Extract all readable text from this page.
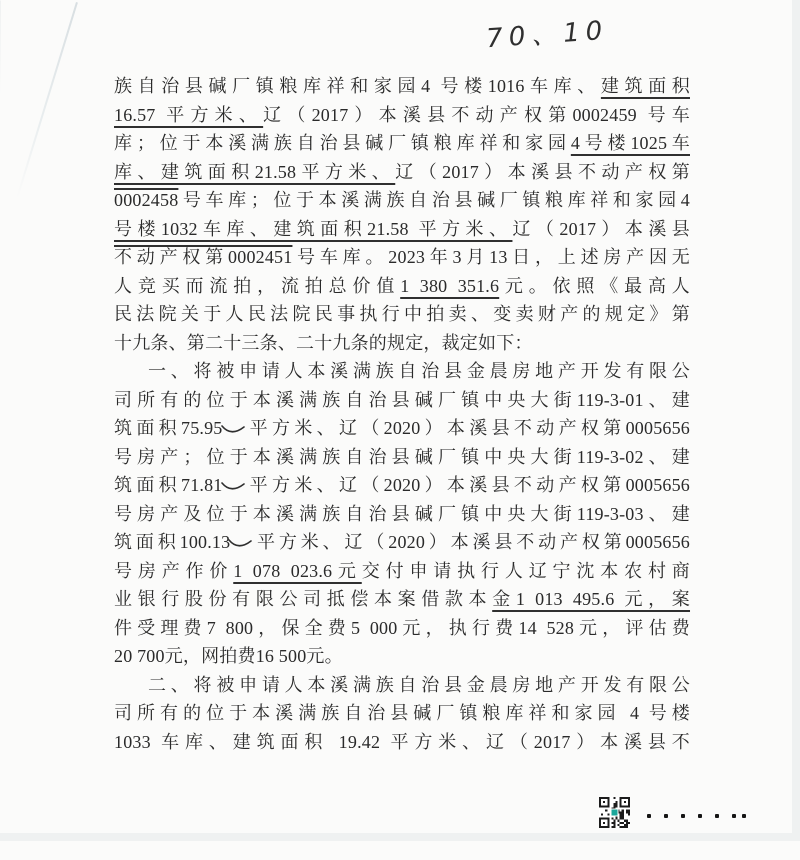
70、10
族自治县碱厂镇粮库祥和家园4 号楼1016车库、建筑面积
16.57 平方米、辽（2017）本溪县不动产权第0002459 号车
库；位于本溪满族自治县碱厂镇粮库祥和家园4号楼1025车
库、建筑面积21.58平方米、辽（2017）本溪县不动产权第
0002458号车库；位于本溪满族自治县碱厂镇粮库祥和家园4
号楼1032车库、建筑面积21.58 平方米、辽（2017）本溪县
不动产权第0002451号车库。2023年3月13日，上述房产因无
人竞买而流拍，流拍总价值1 380 351.6元。依照《最高人
民法院关于人民法院民事执行中拍卖、变卖财产的规定》第
十九条、第二十三条、二十九条的规定，裁定如下：
一、将被申请人本溪满族自治县金晨房地产开发有限公
司所有的位于本溪满族自治县碱厂镇中央大街119-3-01、建
筑面积75.95 平方米、辽（2020）本溪县不动产权第0005656
号房产；位于本溪满族自治县碱厂镇中央大街119-3-02、建
筑面积71.81 平方米、辽（2020）本溪县不动产权第0005656
号房产及位于本溪满族自治县碱厂镇中央大街119-3-03、建
筑面积100.13 平方米、辽（2020）本溪县不动产权第0005656
号房产作价1 078 023.6元交付申请执行人辽宁沈本农村商
业银行股份有限公司抵偿本案借款本金1 013 495.6 元，案
件受理费7 800，保全费5 000元，执行费14 528元，评估费
20 700元，网拍费16 500元。
二、将被申请人本溪满族自治县金晨房地产开发有限公
司所有的位于本溪满族自治县碱厂镇粮库祥和家园 4 号楼
1033 车库、建筑面积 19.42 平方米、辽（2017）本溪县不
